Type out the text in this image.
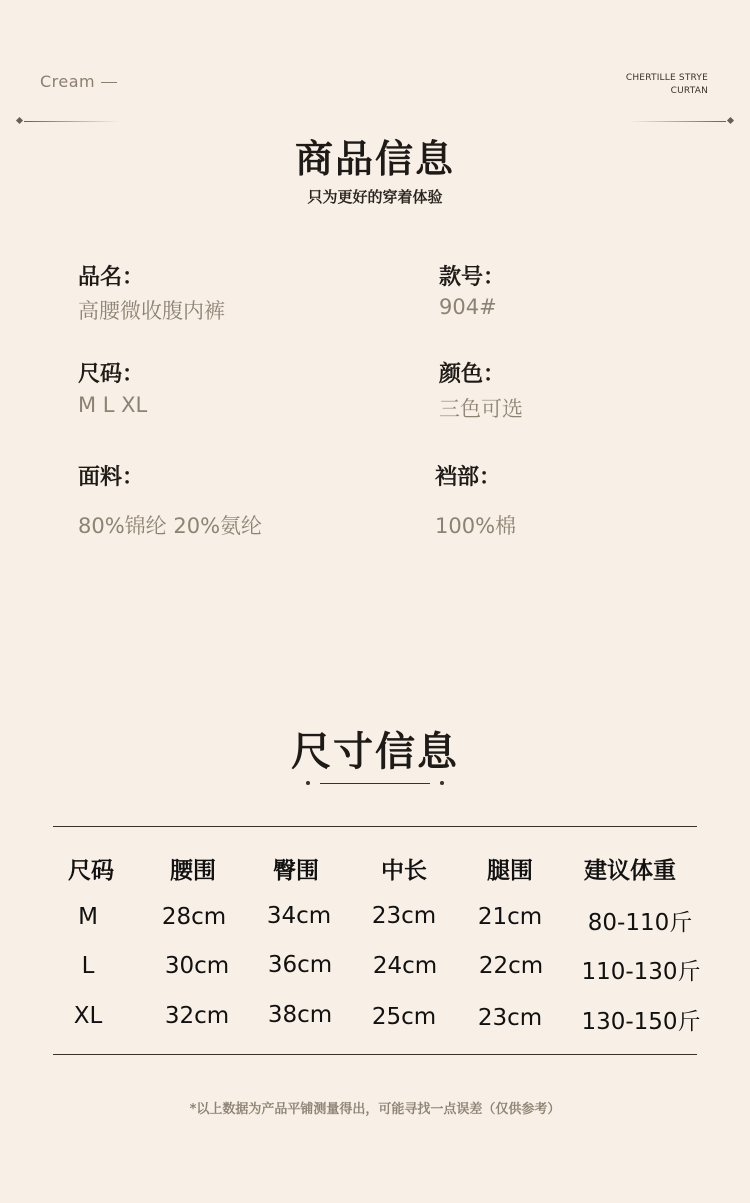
Cream	CHERTILLE STRYE
CURTAN
商品信息
只为更好的穿着体验
品名：
高腰微收腹内裤
款号：
904#
尺码：
M L XL
颜色：
三色可选
面料：
80%锦纶 20%氨纶
裆部：
100%棉
尺寸信息
尺码	腰围	臀围	中长	腿围	建议体重
M	28cm	34cm	23cm	21cm	80-110斤
L	30cm	36cm	24cm	22cm	110-130斤
XL	32cm	38cm	25cm	23cm	130-150斤
*以上数据为产品平铺测量得出，可能寻找一点误差（仅供参考）
